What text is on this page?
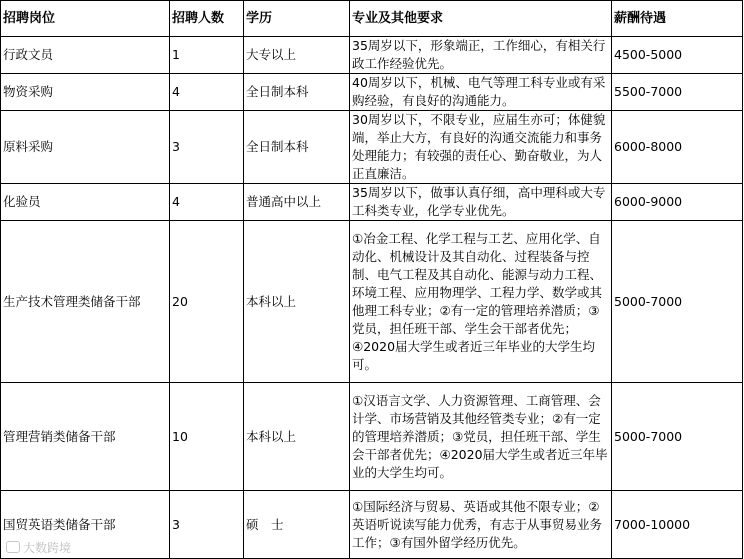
招聘岗位	招聘人数	学历	专业及其他要求	薪酬待遇
行政文员	1	大专以上	35周岁以下，形象端正，工作细心，有相关行政工作经验优先。	4500-5000
物资采购	4	全日制本科	40周岁以下，机械、电气等理工科专业或有采购经验，有良好的沟通能力。	5500-7000
原料采购	3	全日制本科	30周岁以下，不限专业，应届生亦可；体健貌端，举止大方，有良好的沟通交流能力和事务处理能力；有较强的责任心、勤奋敬业，为人正直廉洁。	6000-8000
化验员	4	普通高中以上	35周岁以下，做事认真仔细，高中理科或大专工科类专业，化学专业优先。	6000-9000
生产技术管理类储备干部	20	本科以上	①冶金工程、化学工程与工艺、应用化学、自动化、机械设计及其自动化、过程装备与控制、电气工程及其自动化、能源与动力工程、环境工程、应用物理学、工程力学、数学或其他理工科专业；②有一定的管理培养潜质；③党员，担任班干部、学生会干部者优先；④2020届大学生或者近三年毕业的大学生均可。	5000-7000
管理营销类储备干部	10	本科以上	①汉语言文学、人力资源管理、工商管理、会计学、市场营销及其他经管类专业；②有一定的管理培养潜质；③党员，担任班干部、学生会干部者优先；④2020届大学生或者近三年毕业的大学生均可。	5000-7000
国贸英语类储备干部	3	硕　士	①国际经济与贸易、英语或其他不限专业；②英语听说读写能力优秀，有志于从事贸易业务工作；③有国外留学经历优先。	7000-10000
大数跨境
